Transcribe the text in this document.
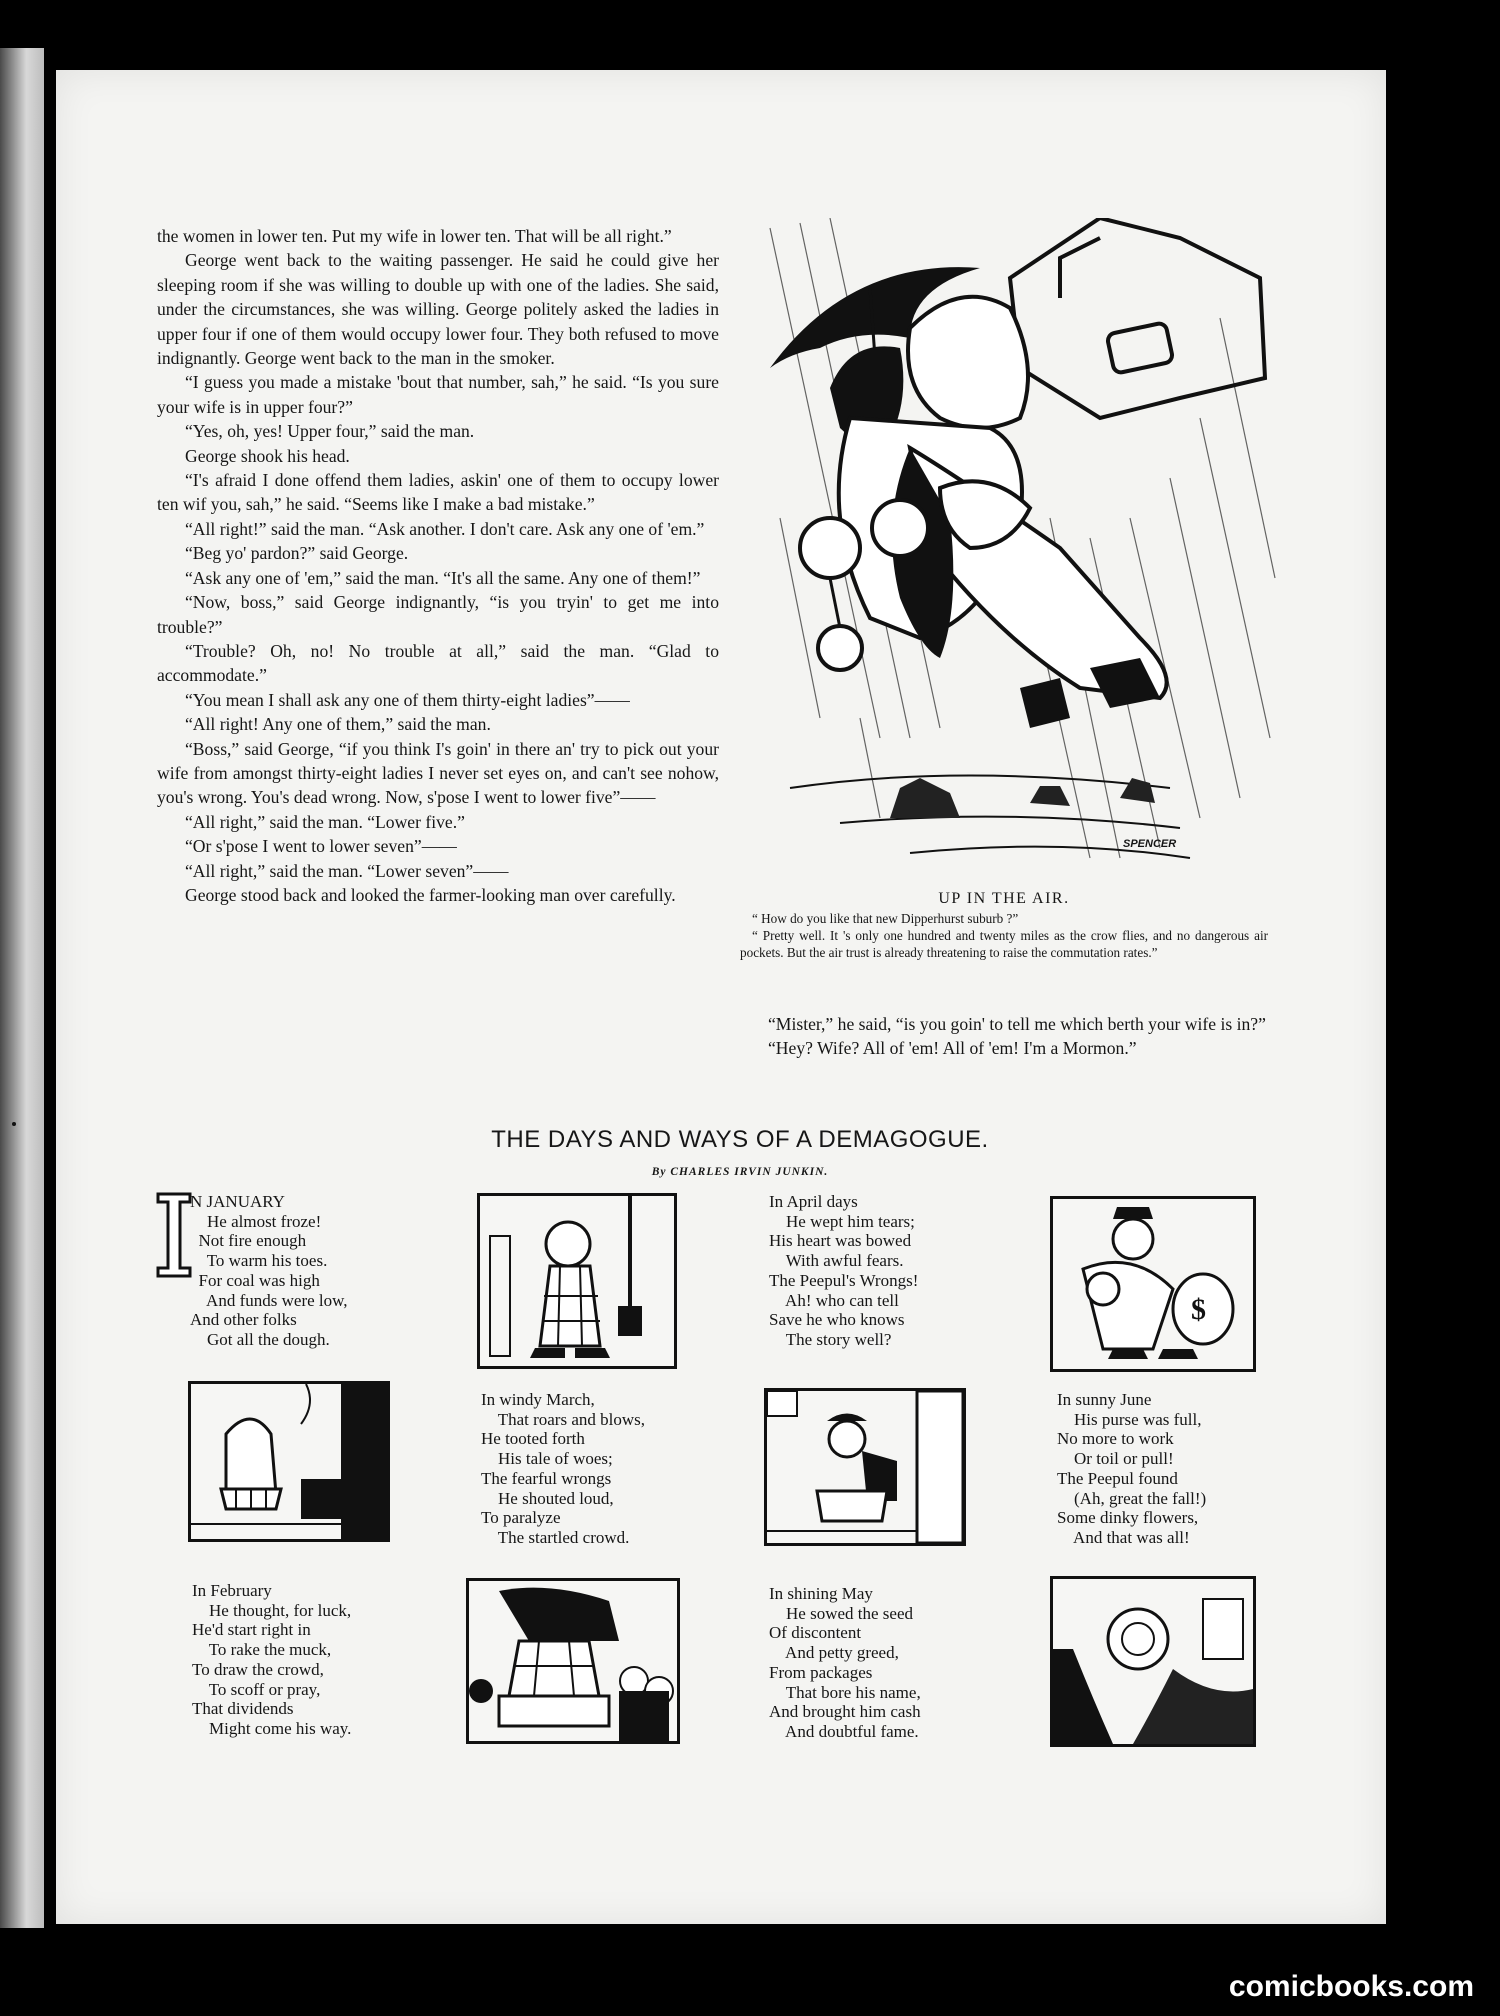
the women in lower ten. Put my wife in lower ten. That will be all right.”

George went back to the waiting passenger. He said he could give her sleeping room if she was willing to double up with one of the ladies. She said, under the circumstances, she was willing. George politely asked the ladies in upper four if one of them would occupy lower four. They both refused to move indignantly. George went back to the man in the smoker.

“I guess you made a mistake 'bout that number, sah,” he said. “Is you sure your wife is in upper four?”

“Yes, oh, yes! Upper four,” said the man.

George shook his head.

“I's afraid I done offend them ladies, askin' one of them to occupy lower ten wif you, sah,” he said. “Seems like I make a bad mistake.”

“All right!” said the man. “Ask another. I don't care. Ask any one of 'em.”

“Beg yo' pardon?” said George.

“Ask any one of 'em,” said the man. “It's all the same. Any one of them!”

“Now, boss,” said George indignantly, “is you tryin' to get me into trouble?”

“Trouble? Oh, no! No trouble at all,” said the man. “Glad to accommodate.”

“You mean I shall ask any one of them thirty-eight ladies”——

“All right! Any one of them,” said the man.

“Boss,” said George, “if you think I's goin' in there an' try to pick out your wife from amongst thirty-eight ladies I never set eyes on, and can't see nohow, you's wrong. You's dead wrong. Now, s'pose I went to lower five”——

“All right,” said the man. “Lower five.”

“Or s'pose I went to lower seven”——

“All right,” said the man. “Lower seven”——

George stood back and looked the farmer-looking man over carefully.

SPENCER
UP IN THE AIR.

“ How do you like that new Dipperhurst suburb ?”

“ Pretty well. It 's only one hundred and twenty miles as the crow flies, and no dangerous air pockets. But the air trust is already threatening to raise the commutation rates.”

“Mister,” he said, “is you goin' to tell me which berth your wife is in?”

“Hey? Wife? All of 'em! All of 'em! I'm a Mormon.”

THE DAYS AND WAYS OF A DEMAGOGUE.
By CHARLES IRVIN JUNKIN.
N JANUARY
He almost froze!
Not fire enough
To warm his toes.
For coal was high
And funds were low,
And other folks
Got all the dough.
In April days
He wept him tears;
His heart was bowed
With awful fears.
The Peepul's Wrongs!
Ah! who can tell
Save he who knows
The story well?
In windy March,
That roars and blows,
He tooted forth
His tale of woes;
The fearful wrongs
He shouted loud,
To paralyze
The startled crowd.
In sunny June
His purse was full,
No more to work
Or toil or pull!
The Peepul found
(Ah, great the fall!)
Some dinky flowers,
And that was all!
In February
He thought, for luck,
He'd start right in
To rake the muck,
To draw the crowd,
To scoff or pray,
That dividends
Might come his way.
In shining May
He sowed the seed
Of discontent
And petty greed,
From packages
That bore his name,
And brought him cash
And doubtful fame.
$
comicbooks.com
